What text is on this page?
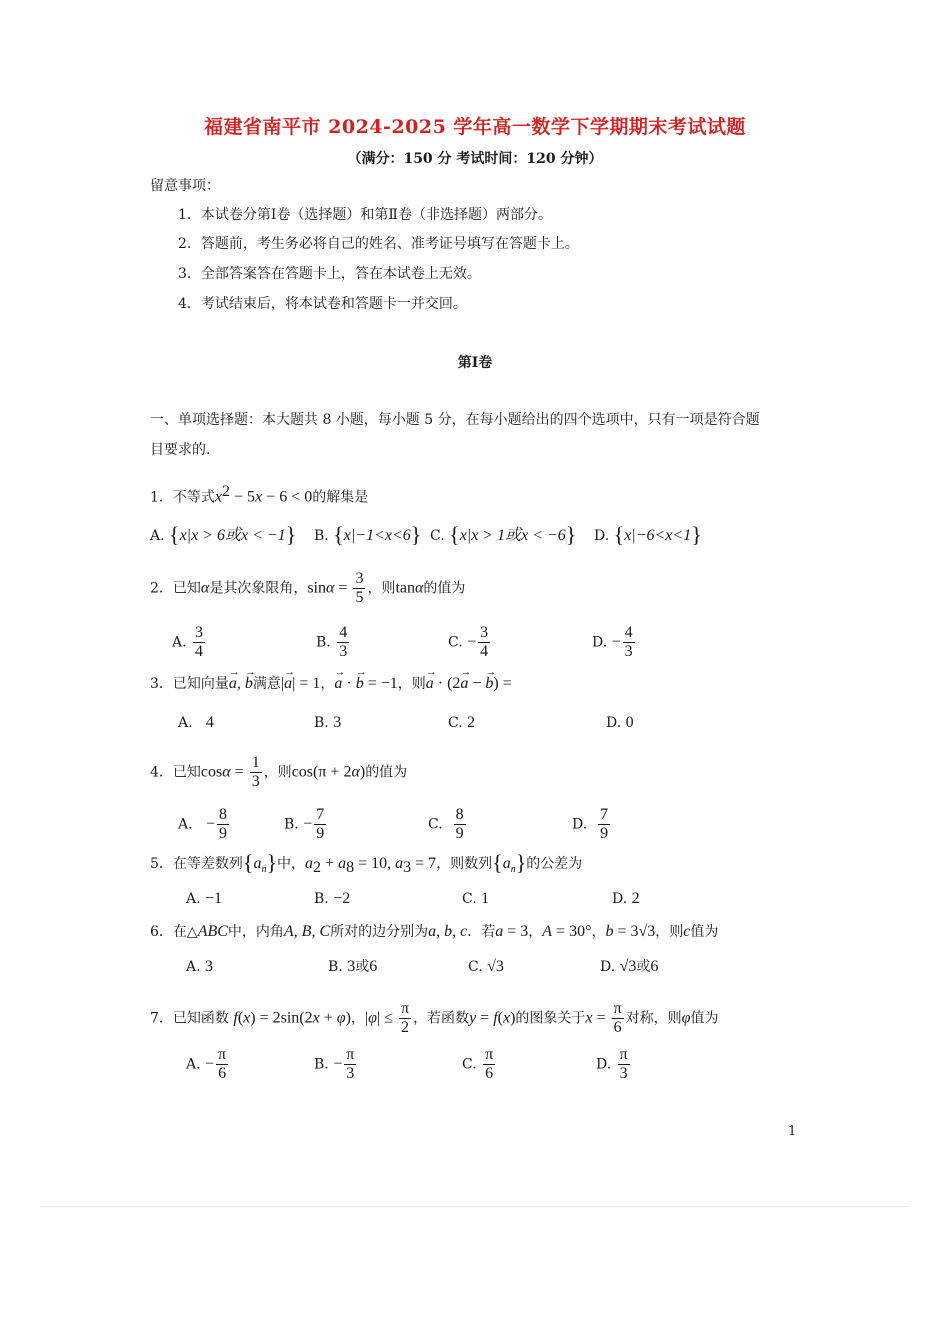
福建省南平市 2024-2025 学年高一数学下学期期末考试试题
（满分：150 分 考试时间：120 分钟）
留意事项：
1．本试卷分第Ⅰ卷（选择题）和第Ⅱ卷（非选择题）两部分。
2．答题前，考生务必将自己的姓名、准考证号填写在答题卡上。
3．全部答案答在答题卡上，答在本试卷上无效。
4．考试结束后，将本试卷和答题卡一并交回。
第Ⅰ卷
一、单项选择题：本大题共 8 小题，每小题 5 分，在每小题给出的四个选项中，只有一项是符合题
目要求的.
1．不等式$x^2 - 5x - 6 < 0$的解集是
A. {x|x > 6或x < −1} B. {x|−1<x<6} C. {x|x > 1或x < −6} D. {x|−6<x<1}
2．已知α是其次象限角，$\sin\alpha = \frac{3}{5}$ ，则tanα的值为
A. $\frac{3}{4}$	B. $\frac{4}{3}$	C. − $\frac{3}{4}$	D. − $\frac{4}{3}$
3．已知向量→ a, → b满意|→ a| = 1，→ a · → b = −1，则→ a · (2→ a − → b) =
A. 4	B. 3	C. 2	D. 0
4．已知$\cos\alpha = \frac{1}{3}$ ，则cos(π + 2α)的值为
A. − $\frac{8}{9}$	B. − $\frac{7}{9}$	C. $\frac{8}{9}$	D. $\frac{7}{9}$
5．在等差数列$\{a_n\}$中，$a_2 + a_8 = 10$, $a_3 = 7$，则数列$\{a_n\}$的公差为
A. −1	B. −2	C. 1	D. 2
6．在△ABC中，内角A, B, C所对的边分别为a, b, c．若a = 3，A = 30°，b = 3√3，则c值为
A. 3	B. 3或6	C. √3	D. √3或6
7．已知函数 f(x) = 2sin(2x + φ)，$|\varphi| \le \frac{\pi}{2}$ ，若函数y = f(x)的图象关于$x = \frac{\pi}{6}$ 对称，则φ值为
A. − $\frac{\pi}{6}$	B. − $\frac{\pi}{3}$	C. $\frac{\pi}{6}$	D. $\frac{\pi}{3}$
1
